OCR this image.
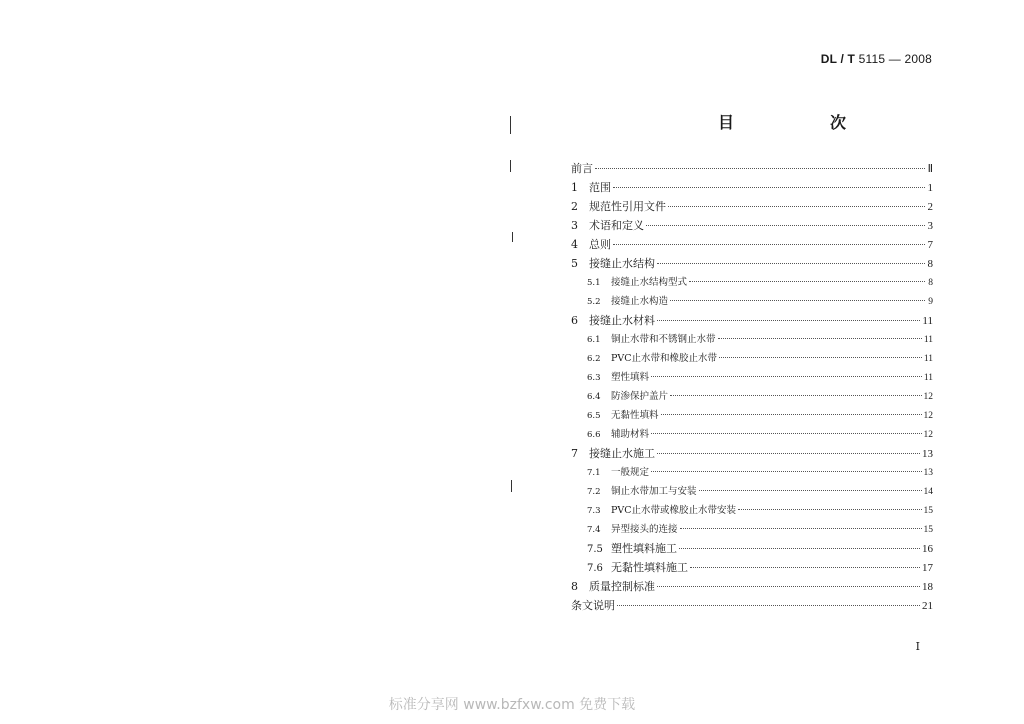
DL / T 5115 — 2008
目　次
前言	Ⅱ
1	范围	1
2	规范性引用文件	2
3	术语和定义	3
4	总则	7
5	接缝止水结构	8
5.1	接缝止水结构型式	8
5.2	接缝止水构造	9
6	接缝止水材料	11
6.1	铜止水带和不锈钢止水带	11
6.2	PVC止水带和橡胶止水带	11
6.3	塑性填料	11
6.4	防渗保护盖片	12
6.5	无黏性填料	12
6.6	辅助材料	12
7	接缝止水施工	13
7.1	一般规定	13
7.2	铜止水带加工与安装	14
7.3	PVC止水带或橡胶止水带安装	15
7.4	异型接头的连接	15
7.5 塑性填料施工	16
7.6 无黏性填料施工	17
8	质量控制标准	18
条文说明	21
I
标准分享网 www.bzfxw.com 免费下载
